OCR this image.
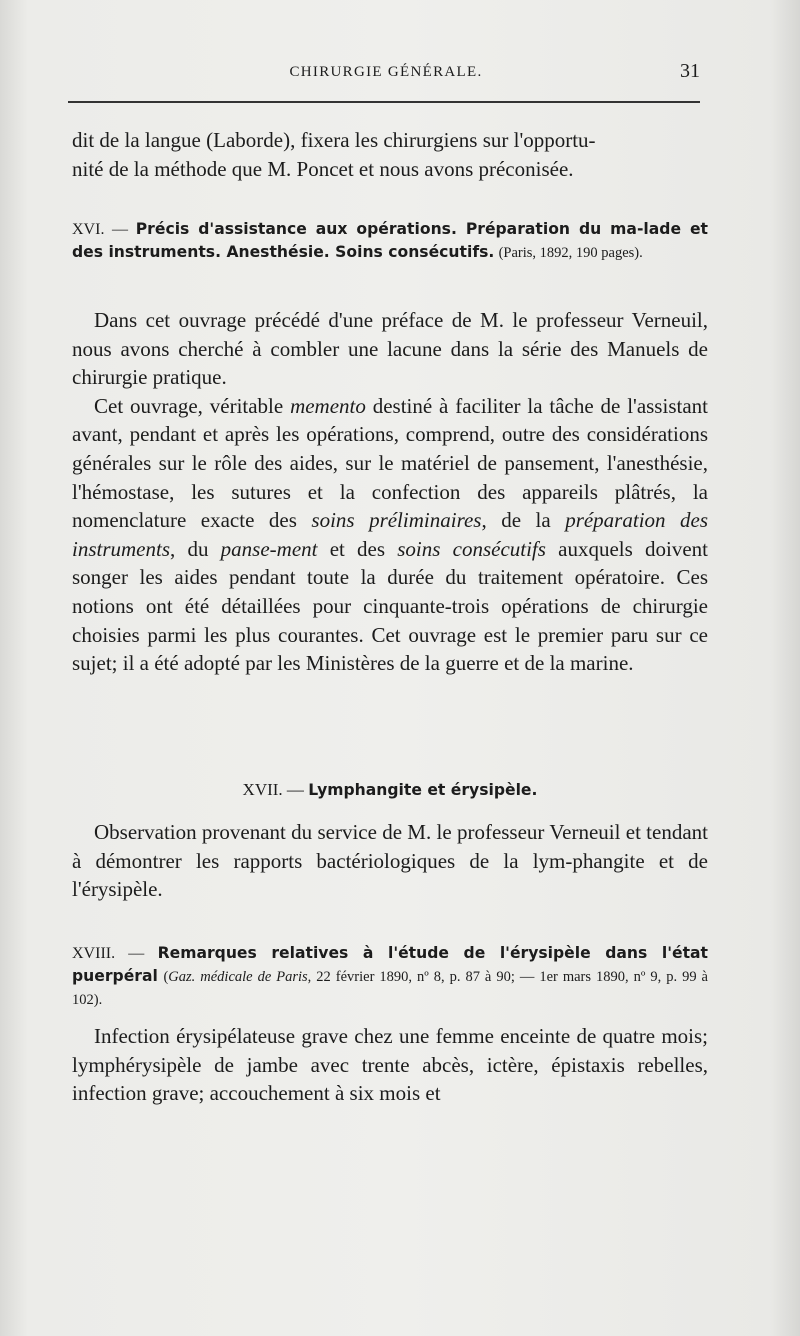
CHIRURGIE GÉNÉRALE.	31
dit de la langue (Laborde), fixera les chirurgiens sur l'opportu-
nité de la méthode que M. Poncet et nous avons préconisée.
XVI. — Précis d'assistance aux opérations. Préparation du ma-lade et des instruments. Anesthésie. Soins consécutifs. (Paris, 1892, 190 pages).

Dans cet ouvrage précédé d'une préface de M. le professeur Verneuil, nous avons cherché à combler une lacune dans la série des Manuels de chirurgie pratique.

Cet ouvrage, véritable memento destiné à faciliter la tâche de l'assistant avant, pendant et après les opérations, comprend, outre des considérations générales sur le rôle des aides, sur le matériel de pansement, l'anesthésie, l'hémostase, les sutures et la confection des appareils plâtrés, la nomenclature exacte des soins préliminaires, de la préparation des instruments, du panse-ment et des soins consécutifs auxquels doivent songer les aides pendant toute la durée du traitement opératoire. Ces notions ont été détaillées pour cinquante-trois opérations de chirurgie choisies parmi les plus courantes. Cet ouvrage est le premier paru sur ce sujet; il a été adopté par les Ministères de la guerre et de la marine.

XVII. — Lymphangite et érysipèle.

Observation provenant du service de M. le professeur Verneuil et tendant à démontrer les rapports bactériologiques de la lym-phangite et de l'érysipèle.

XVIII. — Remarques relatives à l'étude de l'érysipèle dans l'état puerpéral (Gaz. médicale de Paris, 22 février 1890, nº 8, p. 87 à 90; — 1er mars 1890, nº 9, p. 99 à 102).

Infection érysipélateuse grave chez une femme enceinte de quatre mois; lymphérysipèle de jambe avec trente abcès, ictère, épistaxis rebelles, infection grave; accouchement à six mois et
